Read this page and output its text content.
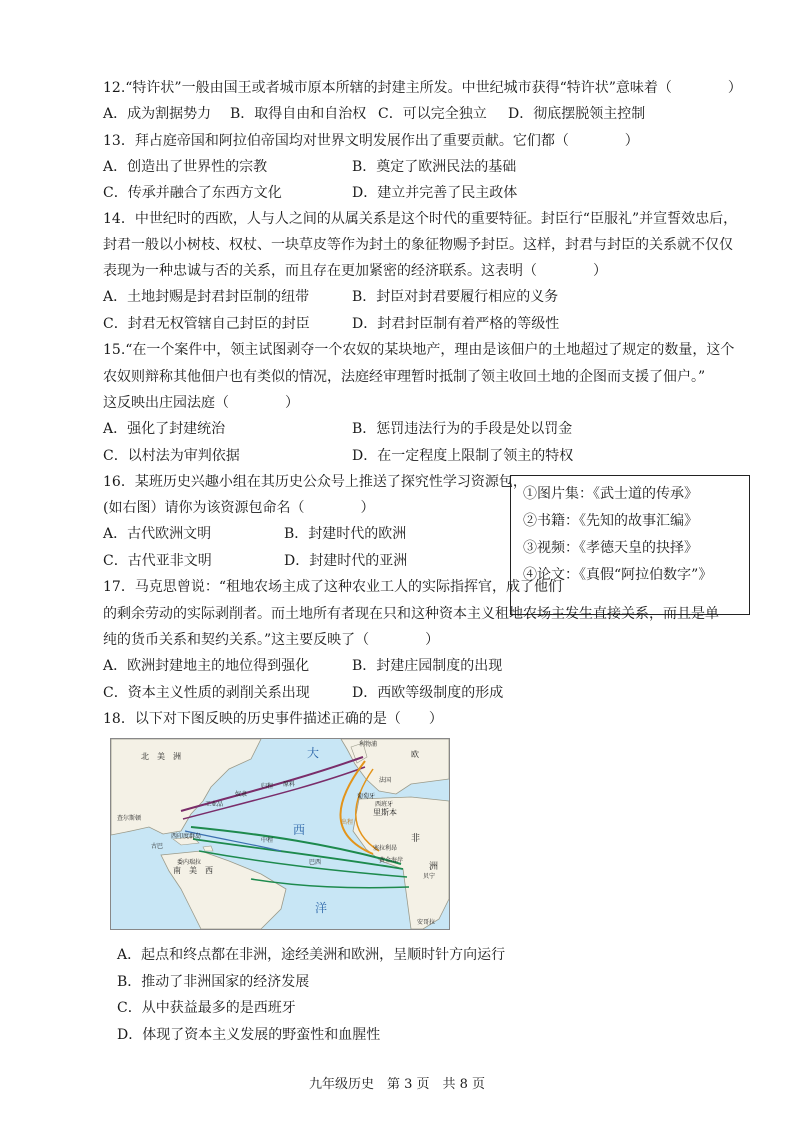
12.“特许状”一般由国王或者城市原本所辖的封建主所发。中世纪城市获得“特许状”意味着（　　　　）
A．成为割据势力 B．取得自由和自治权 C．可以完全独立 D．彻底摆脱领主控制
13．拜占庭帝国和阿拉伯帝国均对世界文明发展作出了重要贡献。它们都（　　　　）
A．创造出了世界性的宗教	B．奠定了欧洲民法的基础
C．传承并融合了东西方文化	D．建立并完善了民主政体
14．中世纪时的西欧，人与人之间的从属关系是这个时代的重要特征。封臣行“臣服礼”并宣誓效忠后，
封君一般以小树枝、权杖、一块草皮等作为封土的象征物赐予封臣。这样，封君与封臣的关系就不仅仅
表现为一种忠诚与否的关系，而且存在更加紧密的经济联系。这表明（　　　　）
A．土地封赐是封君封臣制的纽带	B．封臣对封君要履行相应的义务
C．封君无权管辖自己封臣的封臣	D．封君封臣制有着严格的等级性
15.“在一个案件中，领主试图剥夺一个农奴的某块地产，理由是该佃户的土地超过了规定的数量，这个
农奴则辩称其他佃户也有类似的情况，法庭经审理暂时抵制了领主收回土地的企图而支援了佃户。”
这反映出庄园法庭（　　　　）
A．强化了封建统治	B．惩罚违法行为的手段是处以罚金
C．以村法为审判依据	D．在一定程度上限制了领主的特权
16．某班历史兴趣小组在其历史公众号上推送了探究性学习资源包，
(如右图）请你为该资源包命名（　　　　）
A．古代欧洲文明	B．封建时代的欧洲
C．古代亚非文明	D．封建时代的亚洲
①图片集：《武士道的传承》
②书籍：《先知的故事汇编》
③视频：《孝德天皇的抉择》
④论文：《真假“阿拉伯数字”》
17．马克思曾说：“租地农场主成了这种农业工人的实际指挥官，成了他们
的剩余劳动的实际剥削者。而土地所有者现在只和这种资本主义租地农场主发生直接关系，而且是单
纯的货币关系和契约关系。”这主要反映了（　　　　）
A．欧洲封建地主的地位得到强化	B．封建庄园制度的出现
C．资本主义性质的剥削关系出现	D．西欧等级制度的形成
18．以下对下图反映的历史事件描述正确的是（　　）
北　美　洲
南　美　西
欧
大
西
洋
非
洲
查尔斯顿
古巴
西印度群岛
委内瑞拉
利物浦
法国
葡萄牙
西班牙
里斯本
塞拉利昂
黄金海岸
贝宁
安哥拉
工业品
奴隶
原料
中程
归程
出程
巴西
A．起点和终点都在非洲，途经美洲和欧洲，呈顺时针方向运行
B．推动了非洲国家的经济发展
C．从中获益最多的是西班牙
D．体现了资本主义发展的野蛮性和血腥性
九年级历史　第 3 页　共 8 页
